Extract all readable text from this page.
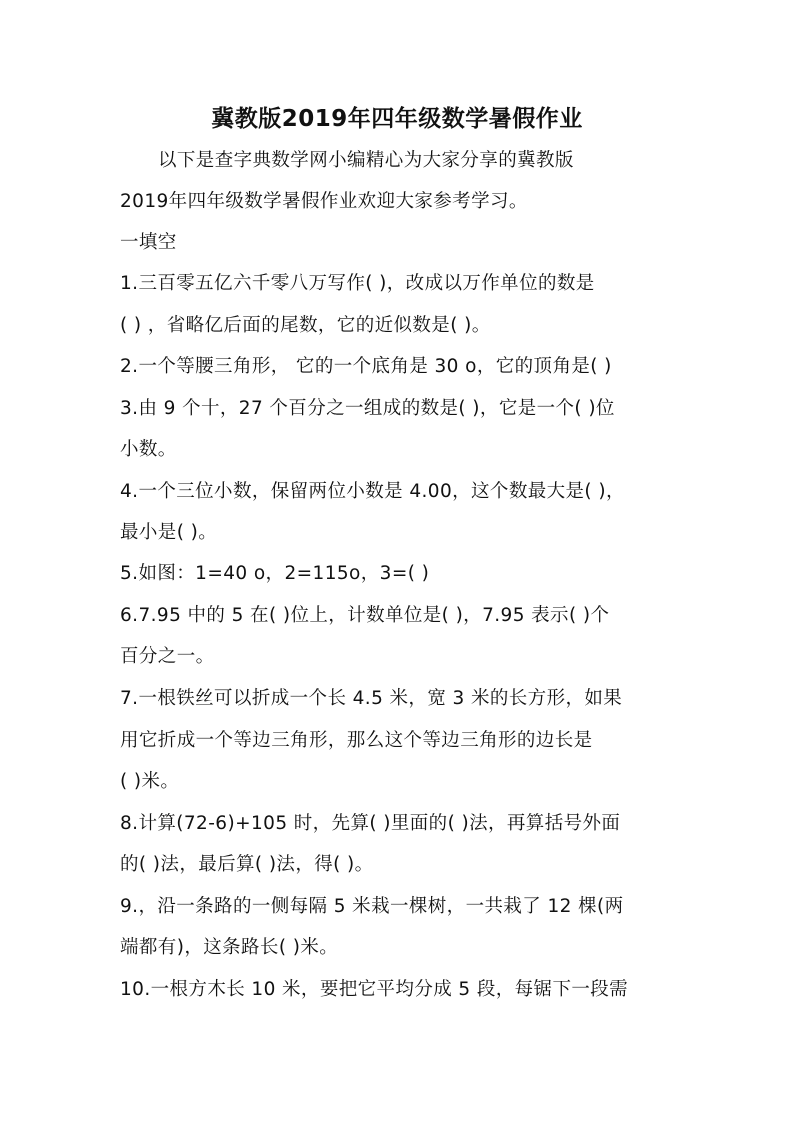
冀教版2019年四年级数学暑假作业
以下是查字典数学网小编精心为大家分享的冀教版
2019年四年级数学暑假作业欢迎大家参考学习。
一填空
1.三百零五亿六千零八万写作( )，改成以万作单位的数是
( ) ，省略亿后面的尾数，它的近似数是( )。
2.一个等腰三角形， 它的一个底角是 30 o，它的顶角是( )
3.由 9 个十，27 个百分之一组成的数是( )，它是一个( )位
小数。
4.一个三位小数，保留两位小数是 4.00，这个数最大是( )，
最小是( )。
5.如图：1=40 o，2=115o，3=( )
6.7.95 中的 5 在( )位上，计数单位是( )，7.95 表示( )个
百分之一。
7.一根铁丝可以折成一个长 4.5 米，宽 3 米的长方形，如果
用它折成一个等边三角形，那么这个等边三角形的边长是
( )米。
8.计算(72-6)+105 时，先算( )里面的( )法，再算括号外面
的( )法，最后算( )法，得( )。
9.，沿一条路的一侧每隔 5 米栽一棵树，一共栽了 12 棵(两
端都有)，这条路长( )米。
10.一根方木长 10 米，要把它平均分成 5 段，每锯下一段需
